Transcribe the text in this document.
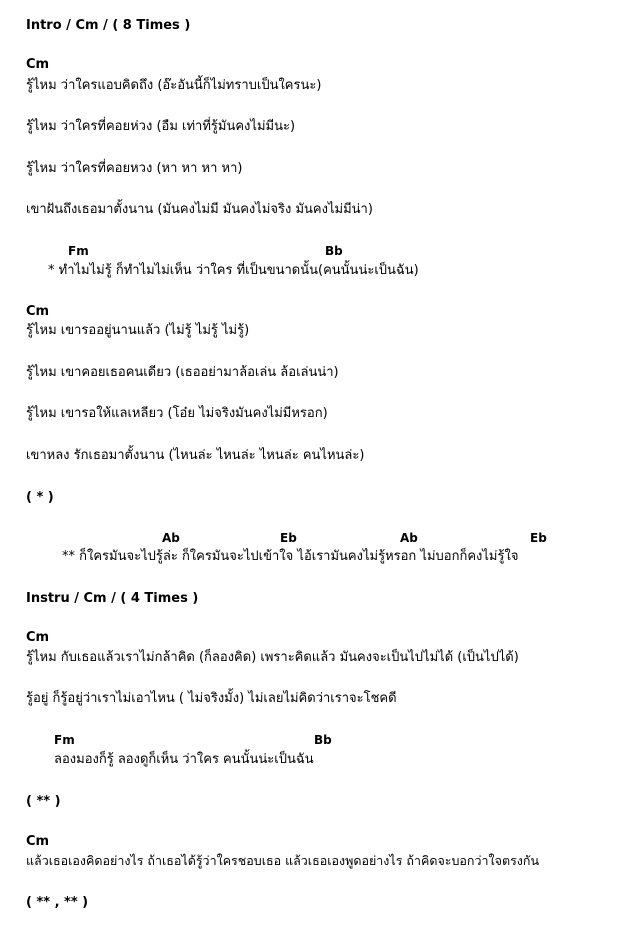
Intro / Cm / ( 8 Times )
Cm
รู้ไหม ว่าใครแอบคิดถึง (อ๊ะอันนี้ก็ไม่ทราบเป็นใครนะ)
รู้ไหม ว่าใครที่คอยห่วง (อืม เท่าที่รู้มันคงไม่มีนะ)
รู้ไหม ว่าใครที่คอยหวง (หา หา หา หา)
เขาฝันถึงเธอมาตั้งนาน (มันคงไม่มี มันคงไม่จริง มันคงไม่มีน่า)
Fm	Bb
* ทำไมไม่รู้ ก็ทำไมไม่เห็น ว่าใคร ที่เป็นขนาดนั้น(คนนั้นน่ะเป็นฉัน)
Cm
รู้ไหม เขารออยู่นานแล้ว (ไม่รู้ ไม่รู้ ไม่รู้)
รู้ไหม เขาคอยเธอคนเดียว (เธออย่ามาล้อเล่น ล้อเล่นน่า)
รู้ไหม เขารอให้แลเหลียว (โอ๋ย ไม่จริงมันคงไม่มีหรอก)
เขาหลง รักเธอมาตั้งนาน (ไหนล่ะ ไหนล่ะ ไหนล่ะ คนไหนล่ะ)
( * )
Ab	Eb	Ab	Eb
** ก็ใครมันจะไปรู้ล่ะ ก็ใครมันจะไปเข้าใจ ไอ้เรามันคงไม่รู้หรอก ไม่บอกก็คงไม่รู้ใจ
Instru / Cm / ( 4 Times )
Cm
รู้ไหม กับเธอแล้วเราไม่กล้าคิด (ก็ลองคิด) เพราะคิดแล้ว มันคงจะเป็นไปไม่ได้ (เป็นไปได้)
รู้อยู่ ก็รู้อยู่ว่าเราไม่เอาไหน ( ไม่จริงมั้ง) ไม่เลยไม่คิดว่าเราจะโชคดี
Fm	Bb
ลองมองก็รู้ ลองดูก็เห็น ว่าใคร คนนั้นน่ะเป็นฉัน
( ** )
Cm
แล้วเธอเองคิดอย่างไร ถ้าเธอได้รู้ว่าใครชอบเธอ แล้วเธอเองพูดอย่างไร ถ้าคิดจะบอกว่าใจตรงกัน
( ** , ** )
